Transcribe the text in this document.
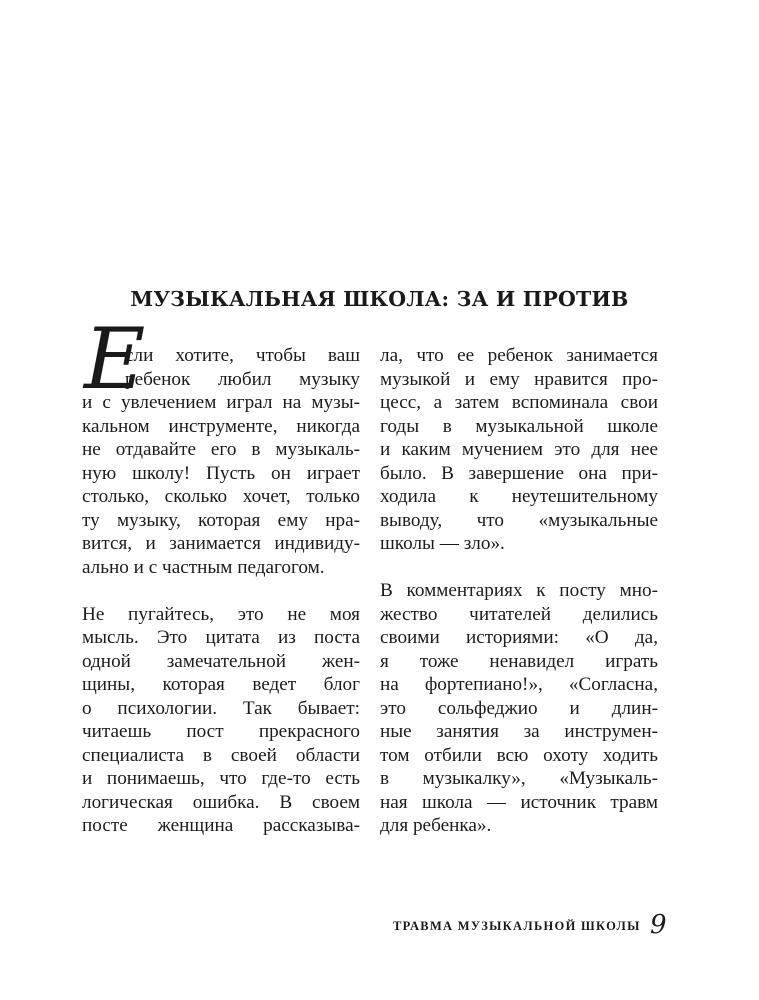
МУЗЫКАЛЬНАЯ ШКОЛА: ЗА И ПРОТИВ
Е
сли хотите, чтобы ваш
ребенок любил музыку
и с увлечением играл на музы-
кальном инструменте, никогда
не отдавайте его в музыкаль-
ную школу! Пусть он играет
столько, сколько хочет, только
ту музыку, которая ему нра-
вится, и занимается индивиду-
ально и с частным педагогом.
Не пугайтесь, это не моя
мысль. Это цитата из поста
одной замечательной жен-
щины, которая ведет блог
о психологии. Так бывает:
читаешь пост прекрасного
специалиста в своей области
и понимаешь, что где-то есть
логическая ошибка. В своем
посте женщина рассказыва-
ла, что ее ребенок занимается
музыкой и ему нравится про-
цесс, а затем вспоминала свои
годы в музыкальной школе
и каким мучением это для нее
было. В завершение она при-
ходила к неутешительному
выводу, что «музыкальные
школы — зло».
В комментариях к посту мно-
жество читателей делились
своими историями: «О да,
я тоже ненавидел играть
на фортепиано!», «Согласна,
это сольфеджио и длин-
ные занятия за инструмен-
том отбили всю охоту ходить
в музыкалку», «Музыкаль-
ная школа — источник травм
для ребенка».
ТРАВМА МУЗЫКАЛЬНОЙ ШКОЛЫ 9
